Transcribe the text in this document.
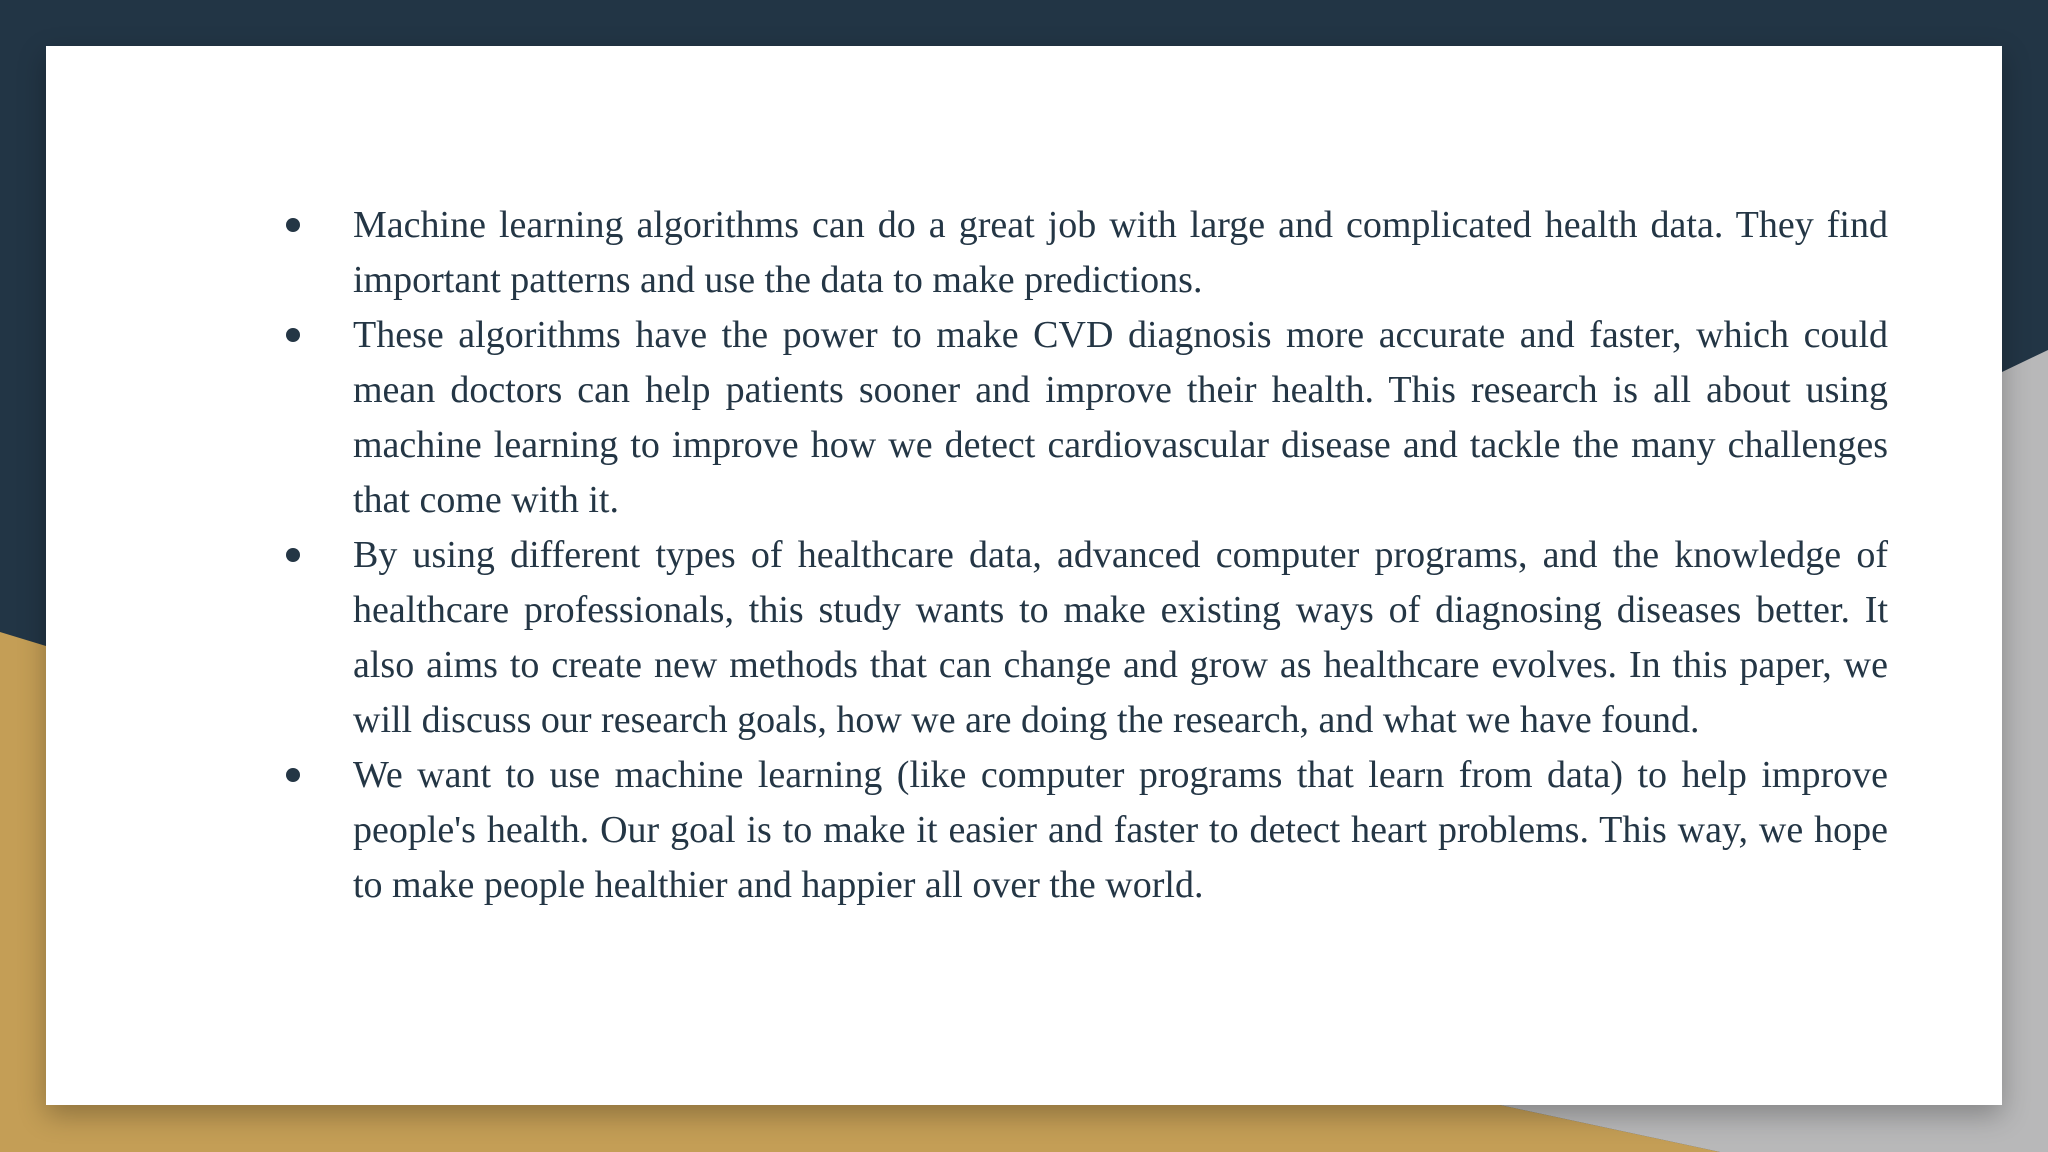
Machine learning algorithms can do a great job with large and complicated health data. They find important patterns and use the data to make predictions.
These algorithms have the power to make CVD diagnosis more accurate and faster, which could mean doctors can help patients sooner and improve their health. This research is all about using machine learning to improve how we detect cardiovascular disease and tackle the many challenges that come with it.
By using different types of healthcare data, advanced computer programs, and the knowledge of healthcare professionals, this study wants to make existing ways of diagnosing diseases better. It also aims to create new methods that can change and grow as healthcare evolves. In this paper, we will discuss our research goals, how we are doing the research, and what we have found.
We want to use machine learning (like computer programs that learn from data) to help improve people's health. Our goal is to make it easier and faster to detect heart problems. This way, we hope to make people healthier and happier all over the world.
